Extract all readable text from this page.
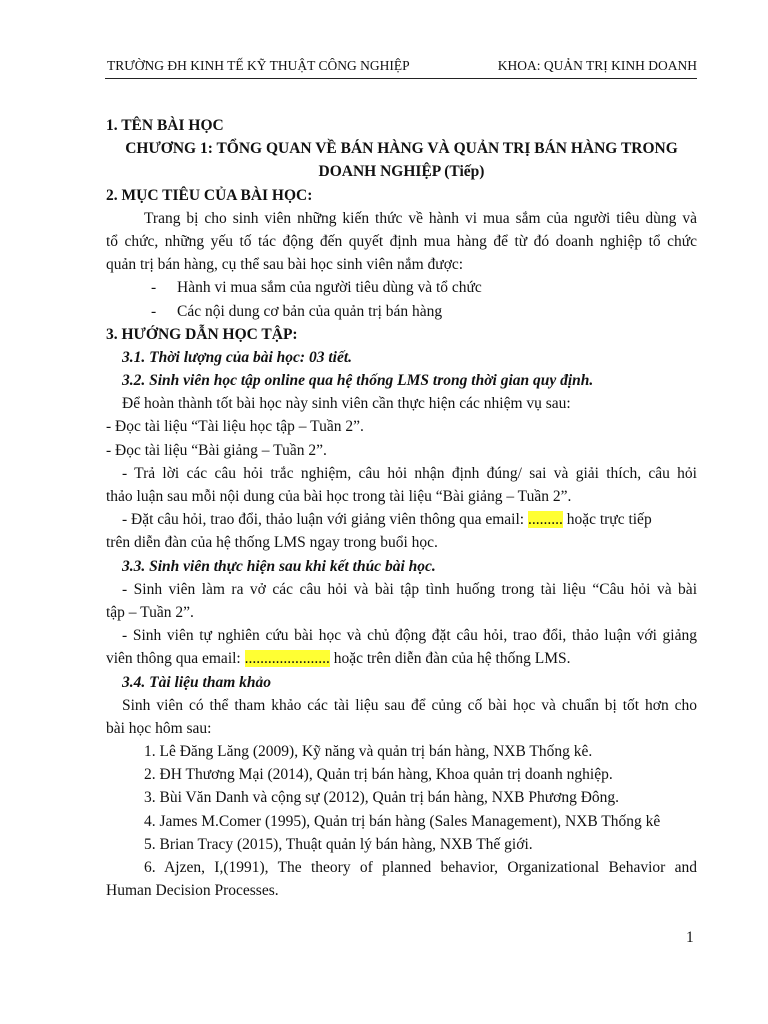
TRƯỜNG ĐH KINH TẾ KỸ THUẬT CÔNG NGHIỆP	KHOA: QUẢN TRỊ KINH DOANH
1. TÊN BÀI HỌC
CHƯƠNG 1: TỔNG QUAN VỀ BÁN HÀNG VÀ QUẢN TRỊ BÁN HÀNG TRONG
DOANH NGHIỆP (Tiếp)
2. MỤC TIÊU CỦA BÀI HỌC:
Trang bị cho sinh viên những kiến thức về hành vi mua sắm của người tiêu dùng và
tổ chức, những yếu tố tác động đến quyết định mua hàng để từ đó doanh nghiệp tổ chức
quản trị bán hàng, cụ thể sau bài học sinh viên nắm được:
- Hành vi mua sắm của người tiêu dùng và tổ chức
- Các nội dung cơ bản của quản trị bán hàng
3. HƯỚNG DẪN HỌC TẬP:
3.1. Thời lượng của bài học: 03 tiết.
3.2. Sinh viên học tập online qua hệ thống LMS trong thời gian quy định.
Để hoàn thành tốt bài học này sinh viên cần thực hiện các nhiệm vụ sau:
- Đọc tài liệu “Tài liệu học tập – Tuần 2”.
- Đọc tài liệu “Bài giảng – Tuần 2”.
- Trả lời các câu hỏi trắc nghiệm, câu hỏi nhận định đúng/ sai và giải thích, câu hỏi
thảo luận sau mỗi nội dung của bài học trong tài liệu “Bài giảng – Tuần 2”.
- Đặt câu hỏi, trao đổi, thảo luận với giảng viên thông qua email: ......... hoặc trực tiếp
trên diễn đàn của hệ thống LMS ngay trong buổi học.
3.3. Sinh viên thực hiện sau khi kết thúc bài học.
- Sinh viên làm ra vở các câu hỏi và bài tập tình huống trong tài liệu “Câu hỏi và bài
tập – Tuần 2”.
- Sinh viên tự nghiên cứu bài học và chủ động đặt câu hỏi, trao đổi, thảo luận với giảng
viên thông qua email: ...................... hoặc trên diễn đàn của hệ thống LMS.
3.4. Tài liệu tham khảo
Sinh viên có thể tham khảo các tài liệu sau để củng cố bài học và chuẩn bị tốt hơn cho
bài học hôm sau:
1. Lê Đăng Lăng (2009), Kỹ năng và quản trị bán hàng, NXB Thống kê.
2. ĐH Thương Mại (2014), Quản trị bán hàng, Khoa quản trị doanh nghiệp.
3. Bùi Văn Danh và cộng sự (2012), Quản trị bán hàng, NXB Phương Đông.
4. James M.Comer (1995), Quản trị bán hàng (Sales Management), NXB Thống kê
5. Brian Tracy (2015), Thuật quản lý bán hàng, NXB Thế giới.
6. Ajzen, I,(1991), The theory of planned behavior, Organizational Behavior and
Human Decision Processes.
1
